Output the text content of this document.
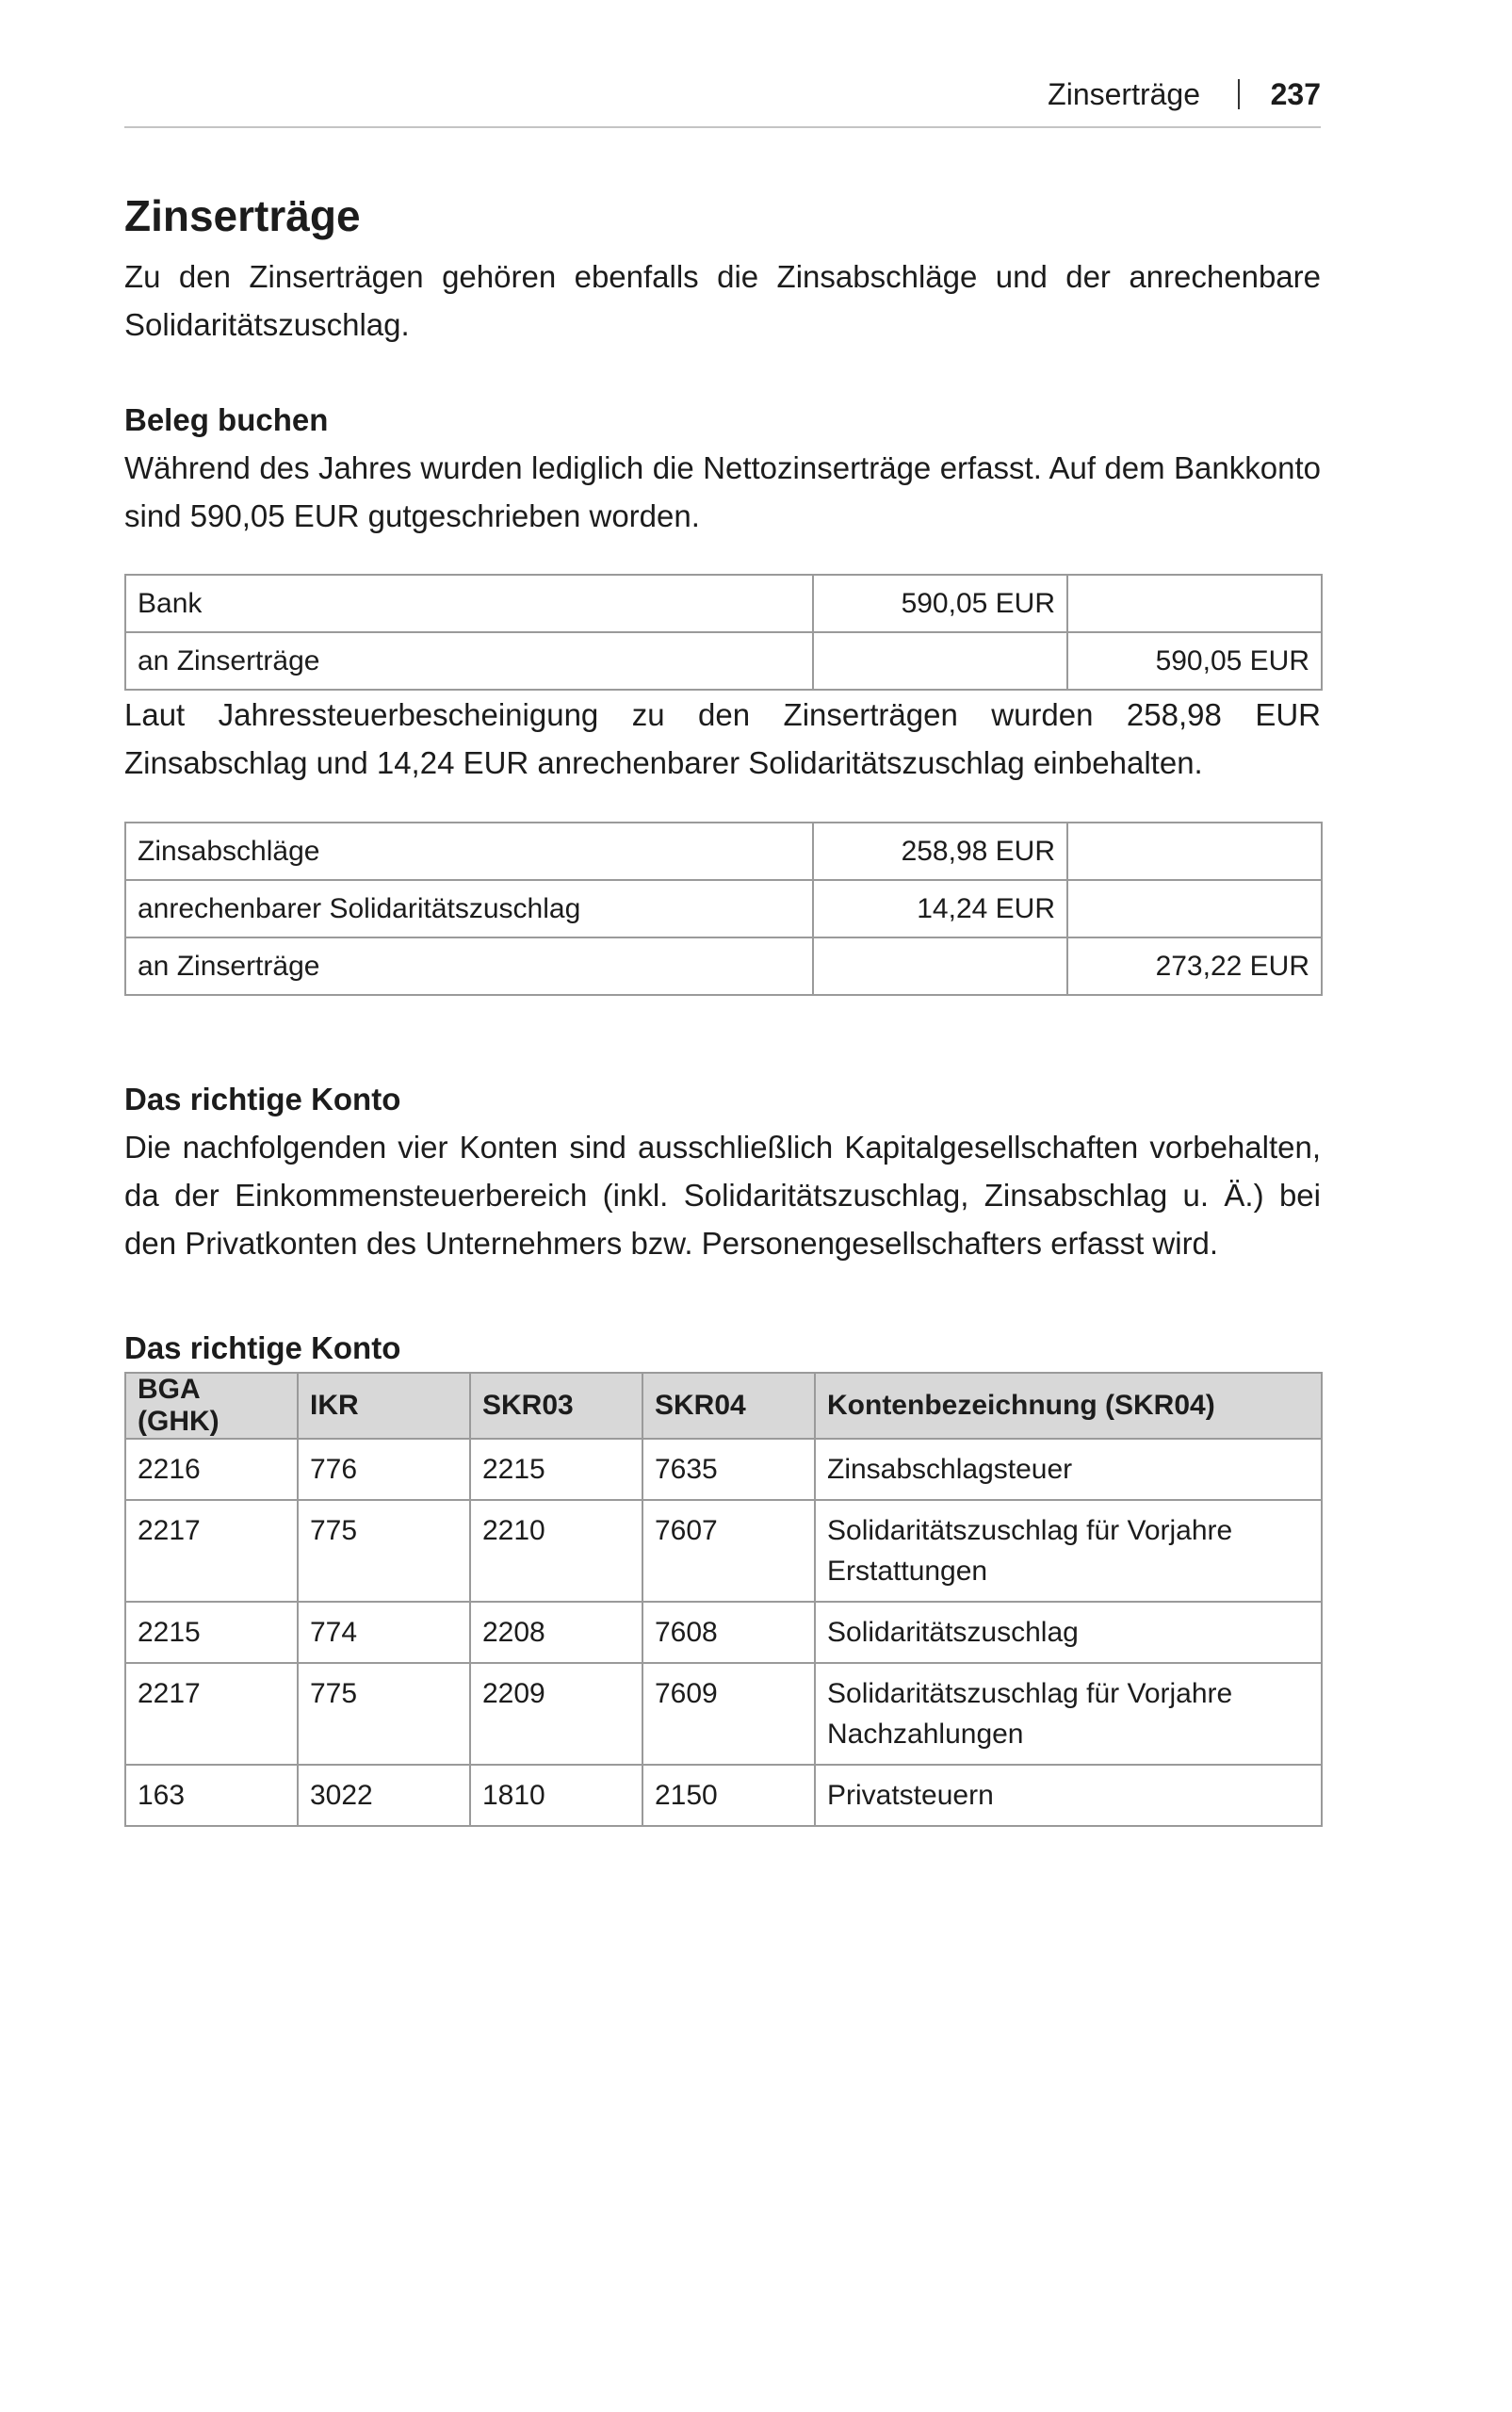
Zinserträge 237
Zinserträge

Zu den Zinserträgen gehören ebenfalls die Zinsabschläge und der anrechenbare Solidaritätszuschlag.

Beleg buchen

Während des Jahres wurden lediglich die Nettozinserträge erfasst. Auf dem Bankkonto sind 590,05 EUR gutgeschrieben worden.

Bank	590,05 EUR	
an Zinserträge		590,05 EUR

Laut Jahressteuerbescheinigung zu den Zinserträgen wurden 258,98 EUR Zinsabschlag und 14,24 EUR anrechenbarer Solidaritätszuschlag einbehalten.

Zinsabschläge	258,98 EUR	
anrechenbarer Solidaritätszuschlag	14,24 EUR	
an Zinserträge		273,22 EUR
Das richtige Konto

Die nachfolgenden vier Konten sind ausschließlich Kapitalgesellschaften vorbehalten, da der Einkommensteuerbereich (inkl. Solidaritätszuschlag, Zinsabschlag u. Ä.) bei den Privatkonten des Unternehmers bzw. Personengesellschafters erfasst wird.

Das richtige Konto
BGA (GHK)	IKR	SKR03	SKR04	Kontenbezeichnung (SKR04)
2216	776	2215	7635	Zinsabschlagsteuer
2217	775	2210	7607	Solidaritätszuschlag für Vorjahre Erstattungen
2215	774	2208	7608	Solidaritätszuschlag
2217	775	2209	7609	Solidaritätszuschlag für Vorjahre Nachzahlungen
163	3022	1810	2150	Privatsteuern
